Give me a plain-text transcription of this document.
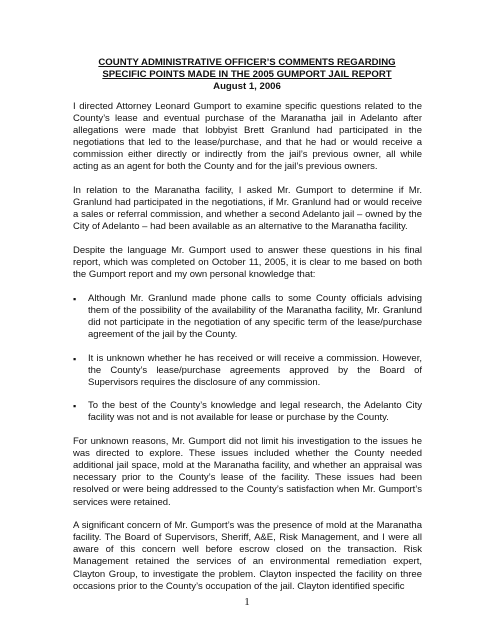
COUNTY ADMINISTRATIVE OFFICER’S COMMENTS REGARDING
SPECIFIC POINTS MADE IN THE 2005 GUMPORT JAIL REPORT
August 1, 2006

I directed Attorney Leonard Gumport to examine specific questions related to the County’s lease and eventual purchase of the Maranatha jail in Adelanto after allegations were made that lobbyist Brett Granlund had participated in the negotiations that led to the lease/purchase, and that he had or would receive a commission either directly or indirectly from the jail’s previous owner, all while acting as an agent for both the County and for the jail’s previous owners.

In relation to the Maranatha facility, I asked Mr. Gumport to determine if Mr. Granlund had participated in the negotiations, if Mr. Granlund had or would receive a sales or referral commission, and whether a second Adelanto jail – owned by the City of Adelanto – had been available as an alternative to the Maranatha facility.

Despite the language Mr. Gumport used to answer these questions in his final report, which was completed on October 11, 2005, it is clear to me based on both the Gumport report and my own personal knowledge that:

▪ Although Mr. Granlund made phone calls to some County officials advising them of the possibility of the availability of the Maranatha facility, Mr. Granlund did not participate in the negotiation of any specific term of the lease/purchase agreement of the jail by the County.
▪ It is unknown whether he has received or will receive a commission. However, the County’s lease/purchase agreements approved by the Board of Supervisors requires the disclosure of any commission.
▪ To the best of the County’s knowledge and legal research, the Adelanto City facility was not and is not available for lease or purchase by the County.

For unknown reasons, Mr. Gumport did not limit his investigation to the issues he was directed to explore. These issues included whether the County needed additional jail space, mold at the Maranatha facility, and whether an appraisal was necessary prior to the County’s lease of the facility. These issues had been resolved or were being addressed to the County’s satisfaction when Mr. Gumport’s services were retained.

A significant concern of Mr. Gumport’s was the presence of mold at the Maranatha facility. The Board of Supervisors, Sheriff, A&E, Risk Management, and I were all aware of this concern well before escrow closed on the transaction. Risk Management retained the services of an environmental remediation expert, Clayton Group, to investigate the problem. Clayton inspected the facility on three occasions prior to the County’s occupation of the jail. Clayton identified specific

1
